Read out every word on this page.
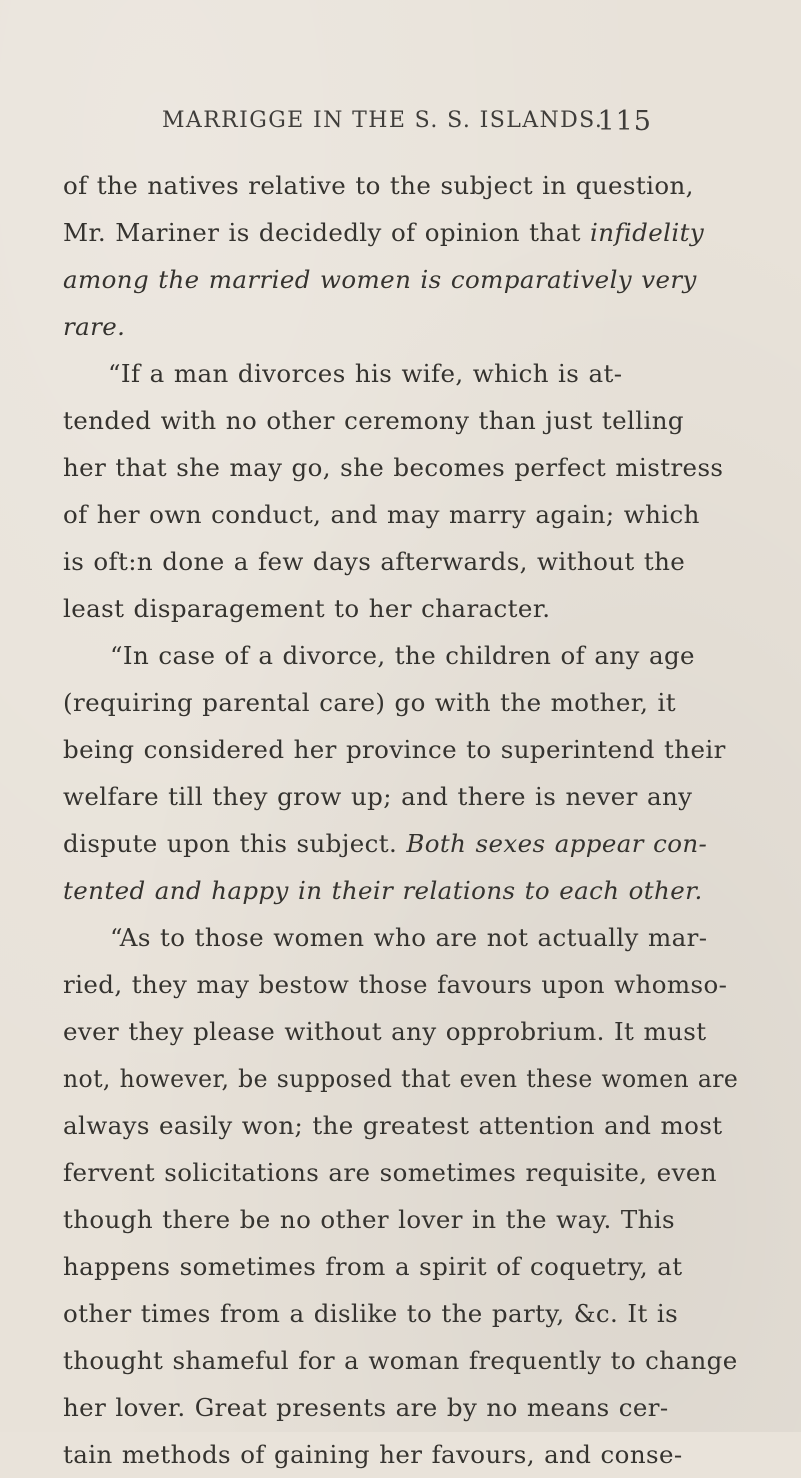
MARRIGGE IN THE S. S. ISLANDS.
115
of the natives relative to the subject in question,
Mr. Mariner is decidedly of opinion that infidelity
among the married women is comparatively very
rare.
“If a man divorces his wife, which is at-
tended with no other ceremony than just telling
her that she may go, she becomes perfect mistress
of her own conduct, and may marry again; which
is oft:n done a few days afterwards, without the
least disparagement to her character.
“In case of a divorce, the children of any age
(requiring parental care) go with the mother, it
being considered her province to superintend their
welfare till they grow up; and there is never any
dispute upon this subject. Both sexes appear con-
tented and happy in their relations to each other.
“As to those women who are not actually mar-
ried, they may bestow those favours upon whomso-
ever they please without any opprobrium. It must
not, however, be supposed that even these women are
always easily won; the greatest attention and most
fervent solicitations are sometimes requisite, even
though there be no other lover in the way. This
happens sometimes from a spirit of coquetry, at
other times from a dislike to the party, &c. It is
thought shameful for a woman frequently to change
her lover. Great presents are by no means cer-
tain methods of gaining her favours, and conse-
